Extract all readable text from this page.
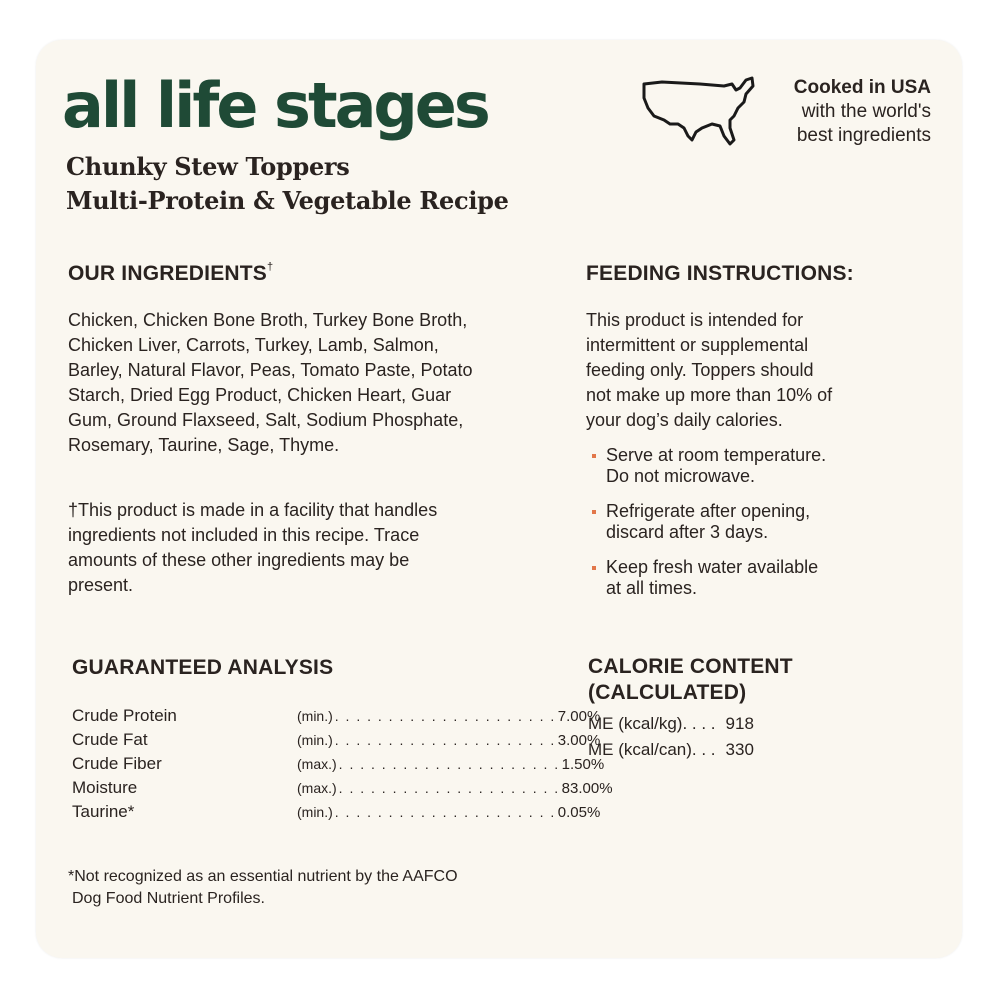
all life stages
Chunky Stew Toppers
Multi-Protein & Vegetable Recipe
Cooked in USA
with the world's
best ingredients
OUR INGREDIENTS†
Chicken, Chicken Bone Broth, Turkey Bone Broth,
Chicken Liver, Carrots, Turkey, Lamb, Salmon,
Barley, Natural Flavor, Peas, Tomato Paste, Potato
Starch, Dried Egg Product, Chicken Heart, Guar
Gum, Ground Flaxseed, Salt, Sodium Phosphate,
Rosemary, Taurine, Sage, Thyme.
†This product is made in a facility that handles
ingredients not included in this recipe. Trace
amounts of these other ingredients may be
present.
FEEDING INSTRUCTIONS:
This product is intended for
intermittent or supplemental
feeding only. Toppers should
not make up more than 10% of
your dog’s daily calories.
Serve at room temperature.
Do not microwave.
Refrigerate after opening,
discard after 3 days.
Keep fresh water available
at all times.
GUARANTEED ANALYSIS
Crude Protein	(min.) . . . . . . . . . . . . . . . . . . . . . 7.00%
Crude Fat	(min.) . . . . . . . . . . . . . . . . . . . . . 3.00%
Crude Fiber	(max.) . . . . . . . . . . . . . . . . . . . . . 1.50%
Moisture	(max.) . . . . . . . . . . . . . . . . . . . . . 83.00%
Taurine*	(min.) . . . . . . . . . . . . . . . . . . . . . 0.05%
CALORIE CONTENT
(CALCULATED)
ME (kcal/kg). . . . 918
ME (kcal/can). . . 330
*Not recognized as an essential nutrient by the AAFCO
Dog Food Nutrient Profiles.
